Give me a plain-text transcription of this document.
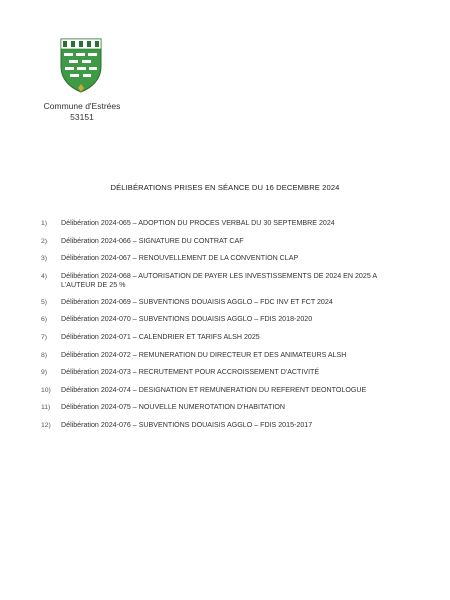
Commune d'Estrées
53151
DÉLIBÉRATIONS PRISES EN SÉANCE DU 16 DECEMBRE 2024
1)	Délibération 2024-065 – ADOPTION DU PROCES VERBAL DU 30 SEPTEMBRE 2024
2)	Délibération 2024-066 – SIGNATURE DU CONTRAT CAF
3)	Délibération 2024-067 – RENOUVELLEMENT DE LA CONVENTION CLAP
4)	Délibération 2024-068 – AUTORISATION DE PAYER LES INVESTISSEMENTS DE 2024 EN 2025 A L'AUTEUR DE 25 %
5)	Délibération 2024-069 – SUBVENTIONS DOUAISIS AGGLO – FDC INV ET FCT 2024
6)	Délibération 2024-070 – SUBVENTIONS DOUAISIS AGGLO – FDIS 2018-2020
7)	Délibération 2024-071 – CALENDRIER ET TARIFS ALSH 2025
8)	Délibération 2024-072 – REMUNERATION DU DIRECTEUR ET DES ANIMATEURS ALSH
9)	Délibération 2024-073 – RECRUTEMENT POUR ACCROISSEMENT D'ACTIVITÉ
10)	Délibération 2024-074 – DESIGNATION ET REMUNERATION DU REFERENT DEONTOLOGUE
11)	Délibération 2024-075 – NOUVELLE NUMEROTATION D'HABITATION
12)	Délibération 2024-076 – SUBVENTIONS DOUAISIS AGGLO – FDIS 2015-2017
